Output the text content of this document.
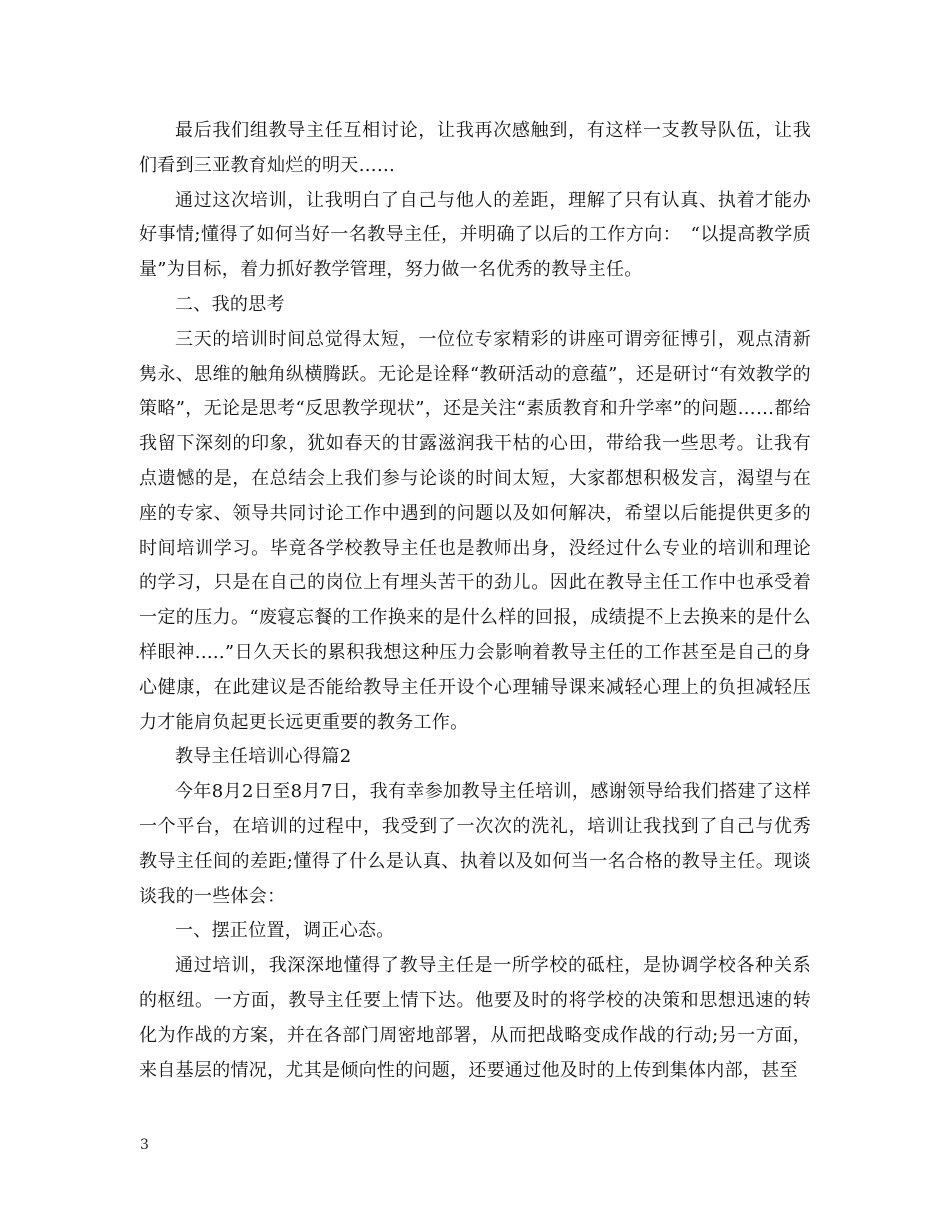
最后我们组教导主任互相讨论，让我再次感触到，有这样一支教导队伍，让我们看到三亚教育灿烂的明天……

通过这次培训，让我明白了自己与他人的差距，理解了只有认真、执着才能办好事情;懂得了如何当好一名教导主任，并明确了以后的工作方向：　“以提高教学质量”为目标，着力抓好教学管理，努力做一名优秀的教导主任。

二、我的思考

三天的培训时间总觉得太短，一位位专家精彩的讲座可谓旁征博引，观点清新隽永、思维的触角纵横腾跃。无论是诠释“教研活动的意蕴”，还是研讨“有效教学的策略”，无论是思考“反思教学现状”，还是关注“素质教育和升学率”的问题……都给我留下深刻的印象，犹如春天的甘露滋润我干枯的心田，带给我一些思考。让我有点遗憾的是，在总结会上我们参与论谈的时间太短，大家都想积极发言，渴望与在座的专家、领导共同讨论工作中遇到的问题以及如何解决，希望以后能提供更多的时间培训学习。毕竟各学校教导主任也是教师出身，没经过什么专业的培训和理论的学习，只是在自己的岗位上有埋头苦干的劲儿。因此在教导主任工作中也承受着一定的压力。“废寝忘餐的工作换来的是什么样的回报，成绩提不上去换来的是什么样眼神.....”日久天长的累积我想这种压力会影响着教导主任的工作甚至是自己的身心健康，在此建议是否能给教导主任开设个心理辅导课来减轻心理上的负担减轻压力才能肩负起更长远更重要的教务工作。

教导主任培训心得篇2

今年8月2日至8月7日，我有幸参加教导主任培训，感谢领导给我们搭建了这样一个平台，在培训的过程中，我受到了一次次的洗礼，培训让我找到了自己与优秀教导主任间的差距;懂得了什么是认真、执着以及如何当一名合格的教导主任。现谈谈我的一些体会：

一、摆正位置，调正心态。

通过培训，我深深地懂得了教导主任是一所学校的砥柱，是协调学校各种关系的枢纽。一方面，教导主任要上情下达。他要及时的将学校的决策和思想迅速的转化为作战的方案，并在各部门周密地部署，从而把战略变成作战的行动;另一方面，来自基层的情况，尤其是倾向性的问题，还要通过他及时的上传到集体内部，甚至

3
